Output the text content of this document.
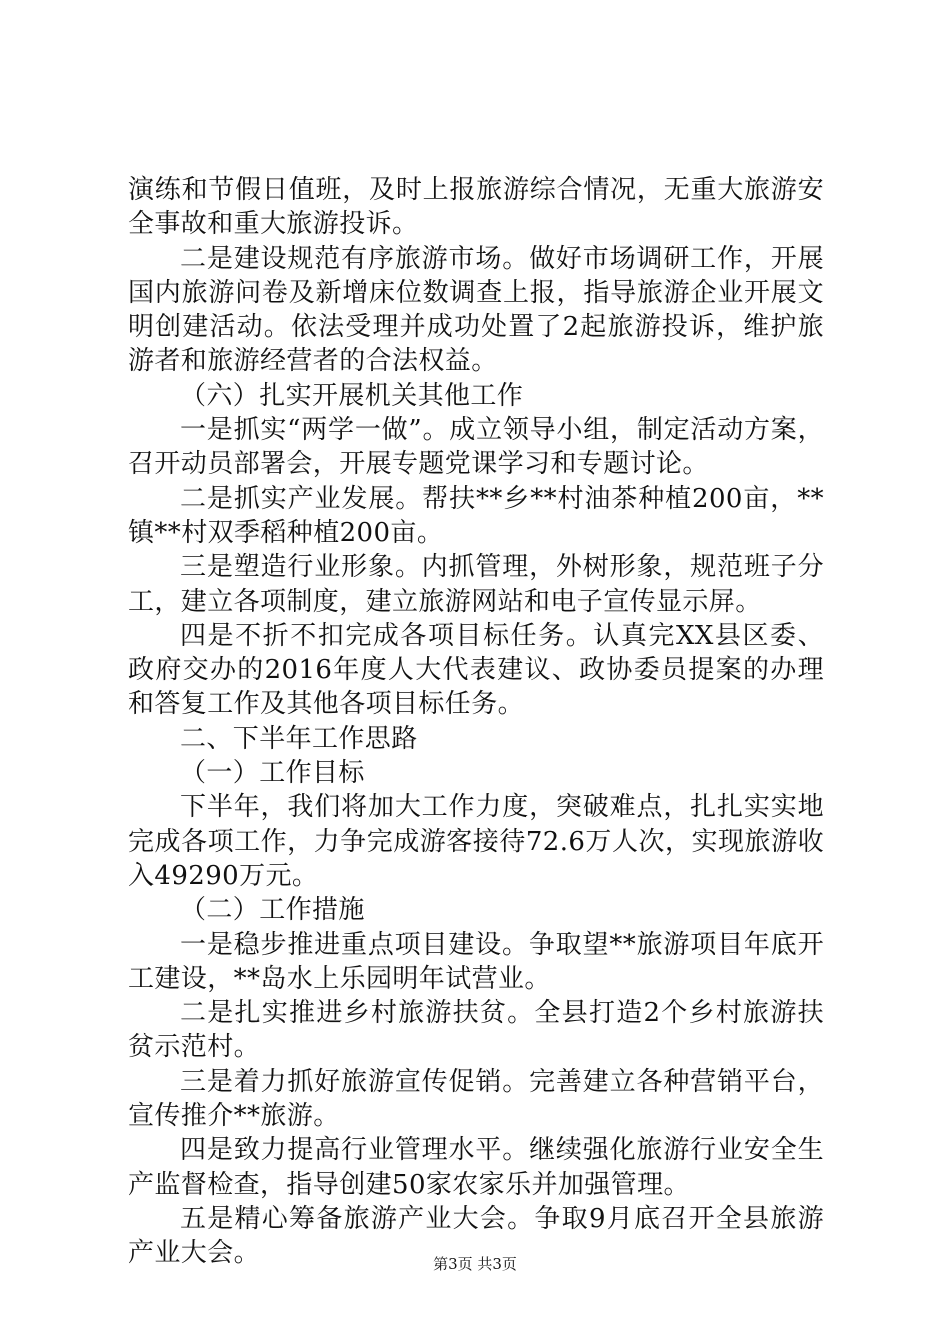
演练和节假日值班，及时上报旅游综合情况，无重大旅游安全事故和重大旅游投诉。

二是建设规范有序旅游市场。做好市场调研工作，开展国内旅游问卷及新增床位数调查上报，指导旅游企业开展文明创建活动。依法受理并成功处置了2起旅游投诉，维护旅游者和旅游经营者的合法权益。

（六）扎实开展机关其他工作

一是抓实“两学一做”。成立领导小组，制定活动方案，召开动员部署会，开展专题党课学习和专题讨论。

二是抓实产业发展。帮扶**乡**村油茶种植200亩，**镇**村双季稻种植200亩。

三是塑造行业形象。内抓管理，外树形象，规范班子分工，建立各项制度，建立旅游网站和电子宣传显示屏。

四是不折不扣完成各项目标任务。认真完XX县区委、政府交办的2016年度人大代表建议、政协委员提案的办理和答复工作及其他各项目标任务。

二、下半年工作思路

（一）工作目标

下半年，我们将加大工作力度，突破难点，扎扎实实地完成各项工作，力争完成游客接待72.6万人次，实现旅游收入49290万元。

（二）工作措施

一是稳步推进重点项目建设。争取望**旅游项目年底开工建设，**岛水上乐园明年试营业。

二是扎实推进乡村旅游扶贫。全县打造2个乡村旅游扶贫示范村。

三是着力抓好旅游宣传促销。完善建立各种营销平台，宣传推介**旅游。

四是致力提高行业管理水平。继续强化旅游行业安全生产监督检查，指导创建50家农家乐并加强管理。

五是精心筹备旅游产业大会。争取9月底召开全县旅游产业大会。	第3页 共3页
